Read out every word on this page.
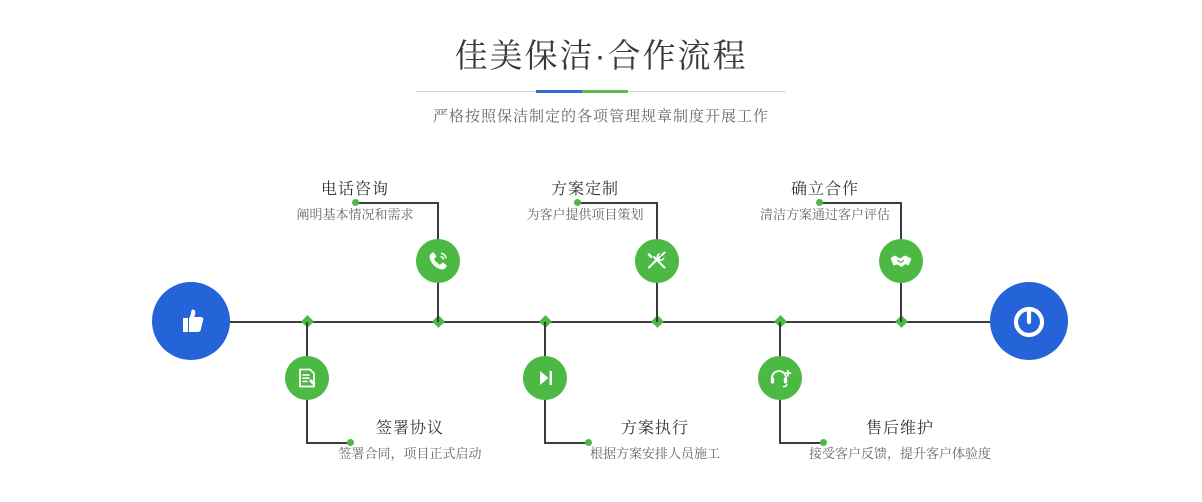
佳美保洁·合作流程
严格按照保洁制定的各项管理规章制度开展工作
电话咨询
阐明基本情况和需求
签署协议
签署合同，项目正式启动
方案定制
为客户提供项目策划
方案执行
根据方案安排人员施工
确立合作
清洁方案通过客户评估
售后维护
接受客户反馈，提升客户体验度
